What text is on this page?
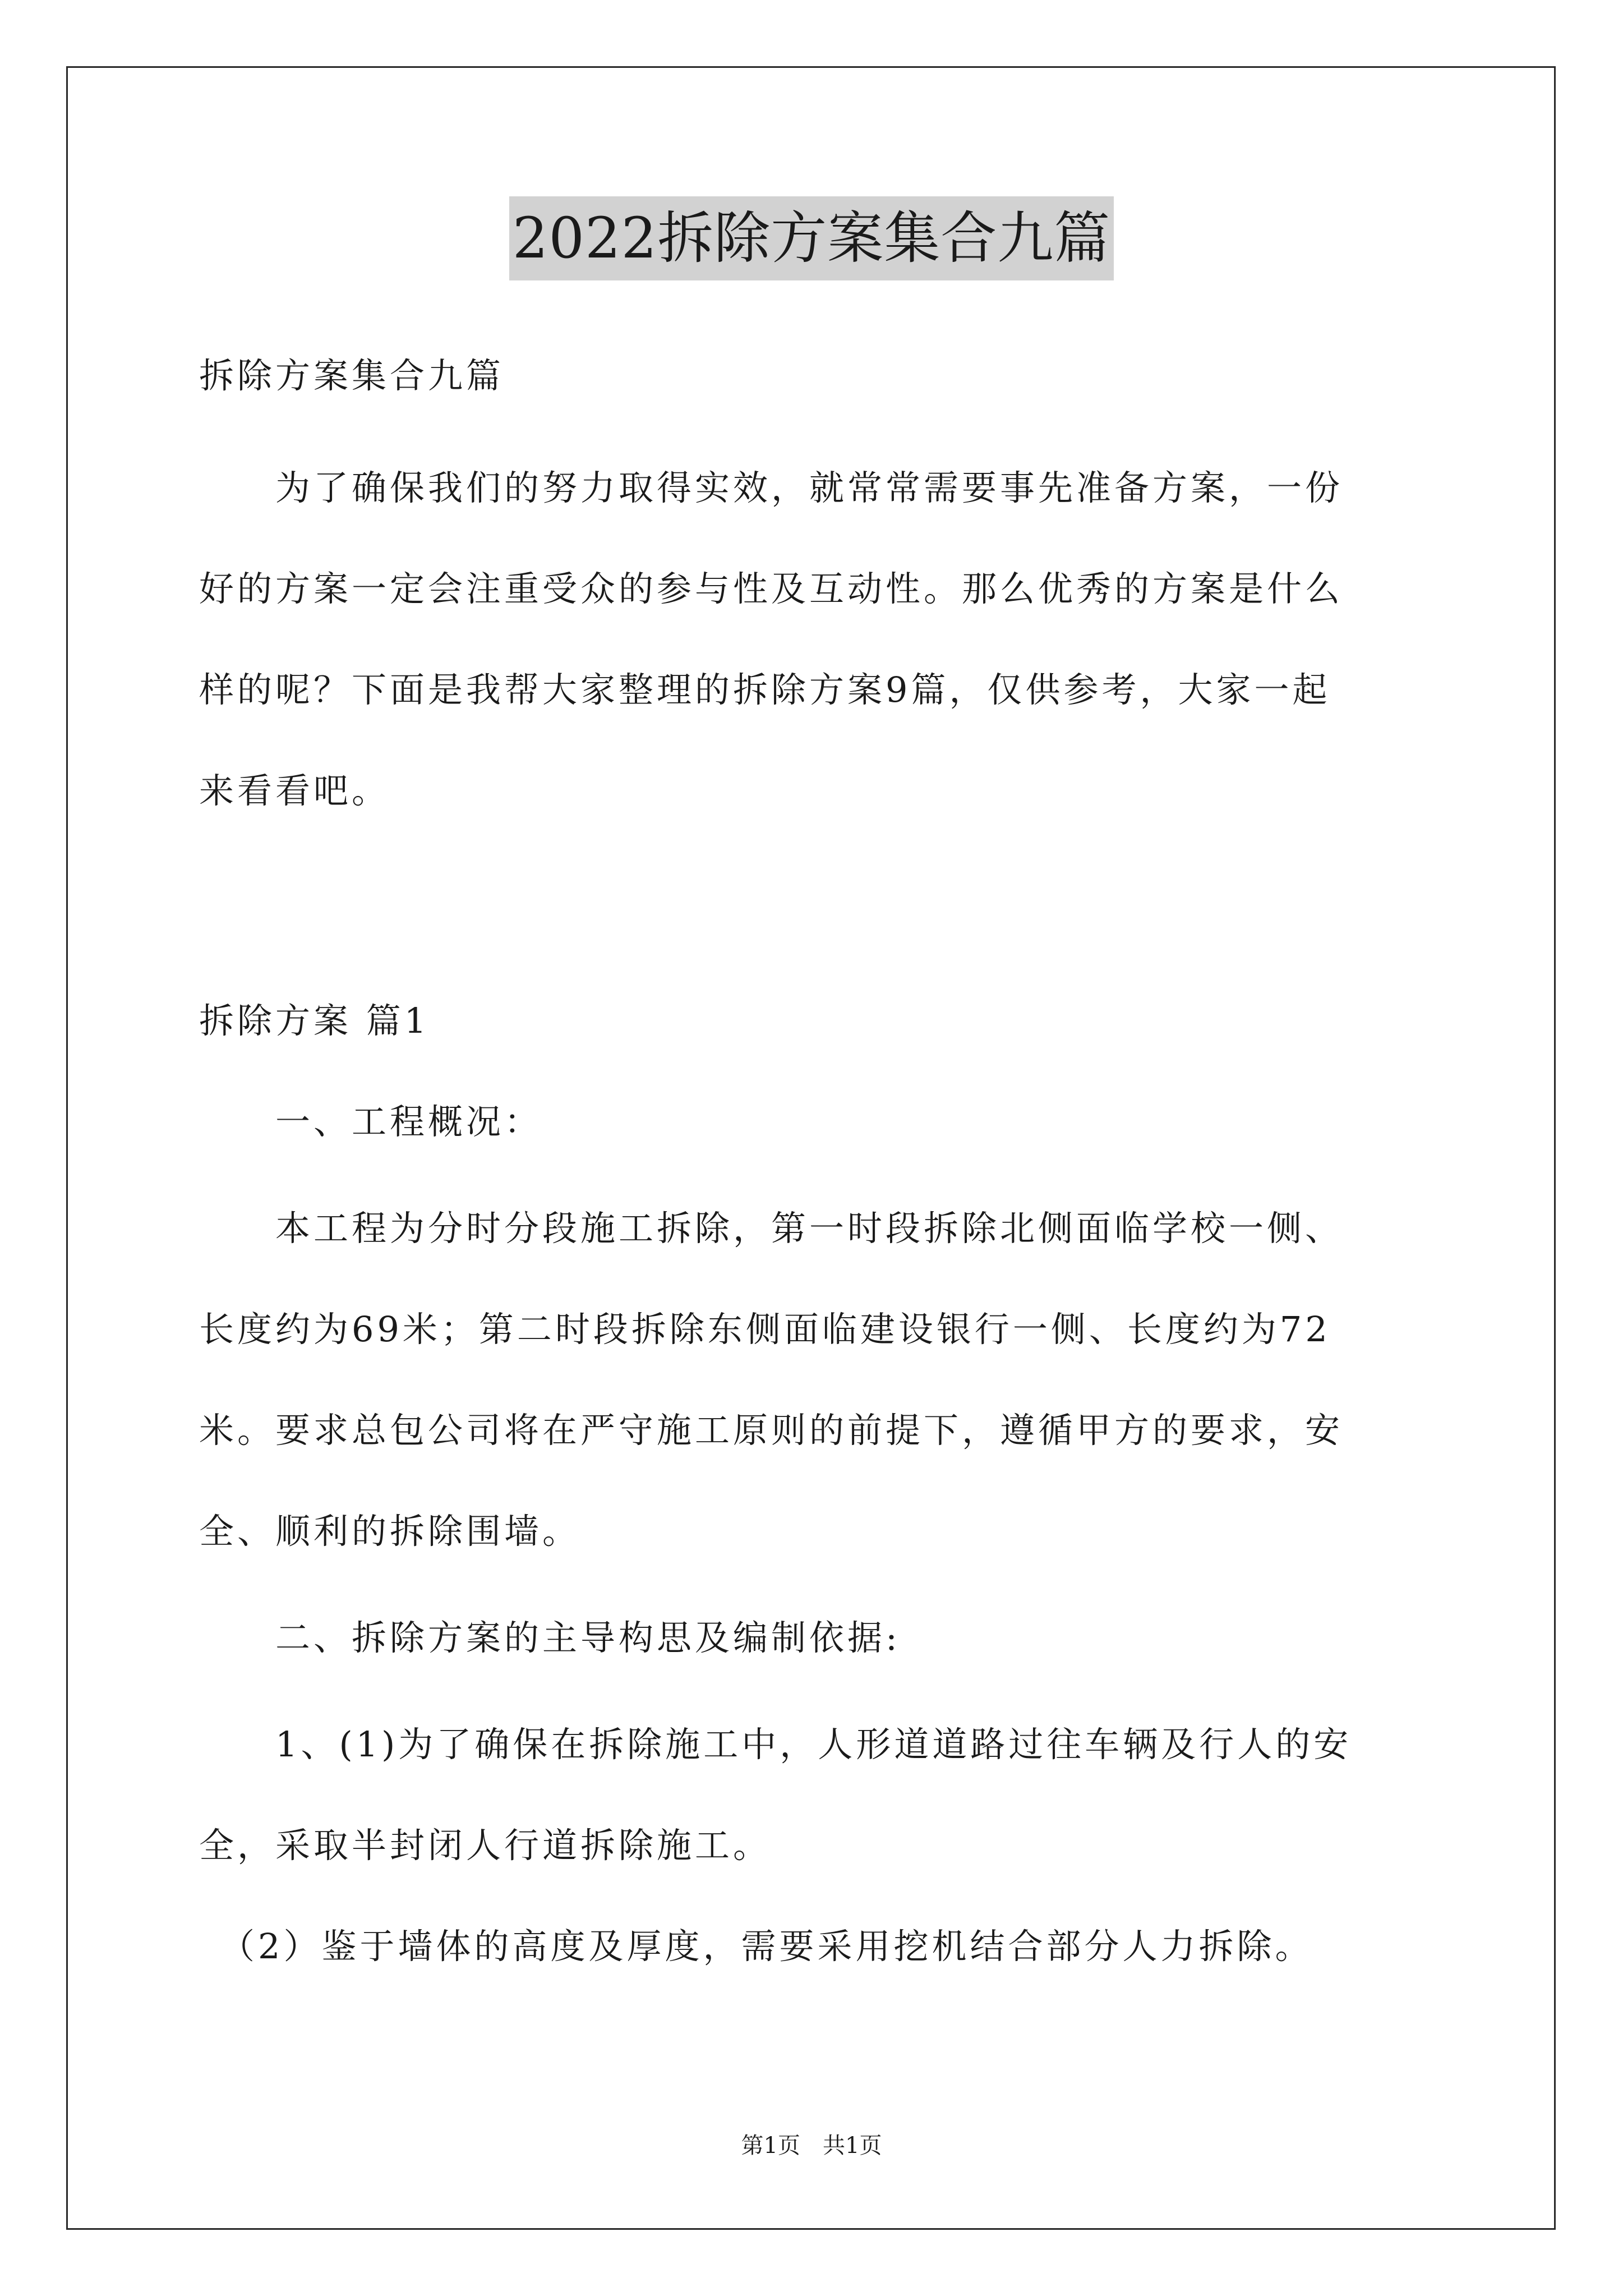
2022拆除方案集合九篇
拆除方案集合九篇
　　为了确保我们的努力取得实效，就常常需要事先准备方案，一份
好的方案一定会注重受众的参与性及互动性。那么优秀的方案是什么
样的呢？下面是我帮大家整理的拆除方案9篇，仅供参考，大家一起
来看看吧。
拆除方案 篇1
　　一、工程概况：
　　本工程为分时分段施工拆除，第一时段拆除北侧面临学校一侧、
长度约为69米；第二时段拆除东侧面临建设银行一侧、长度约为72
米。要求总包公司将在严守施工原则的前提下，遵循甲方的要求，安
全、顺利的拆除围墙。
　　二、拆除方案的主导构思及编制依据:
　　1、(1)为了确保在拆除施工中，人形道道路过往车辆及行人的安
全，采取半封闭人行道拆除施工。
　（2）鉴于墙体的高度及厚度，需要采用挖机结合部分人力拆除。
第1页　共1页
